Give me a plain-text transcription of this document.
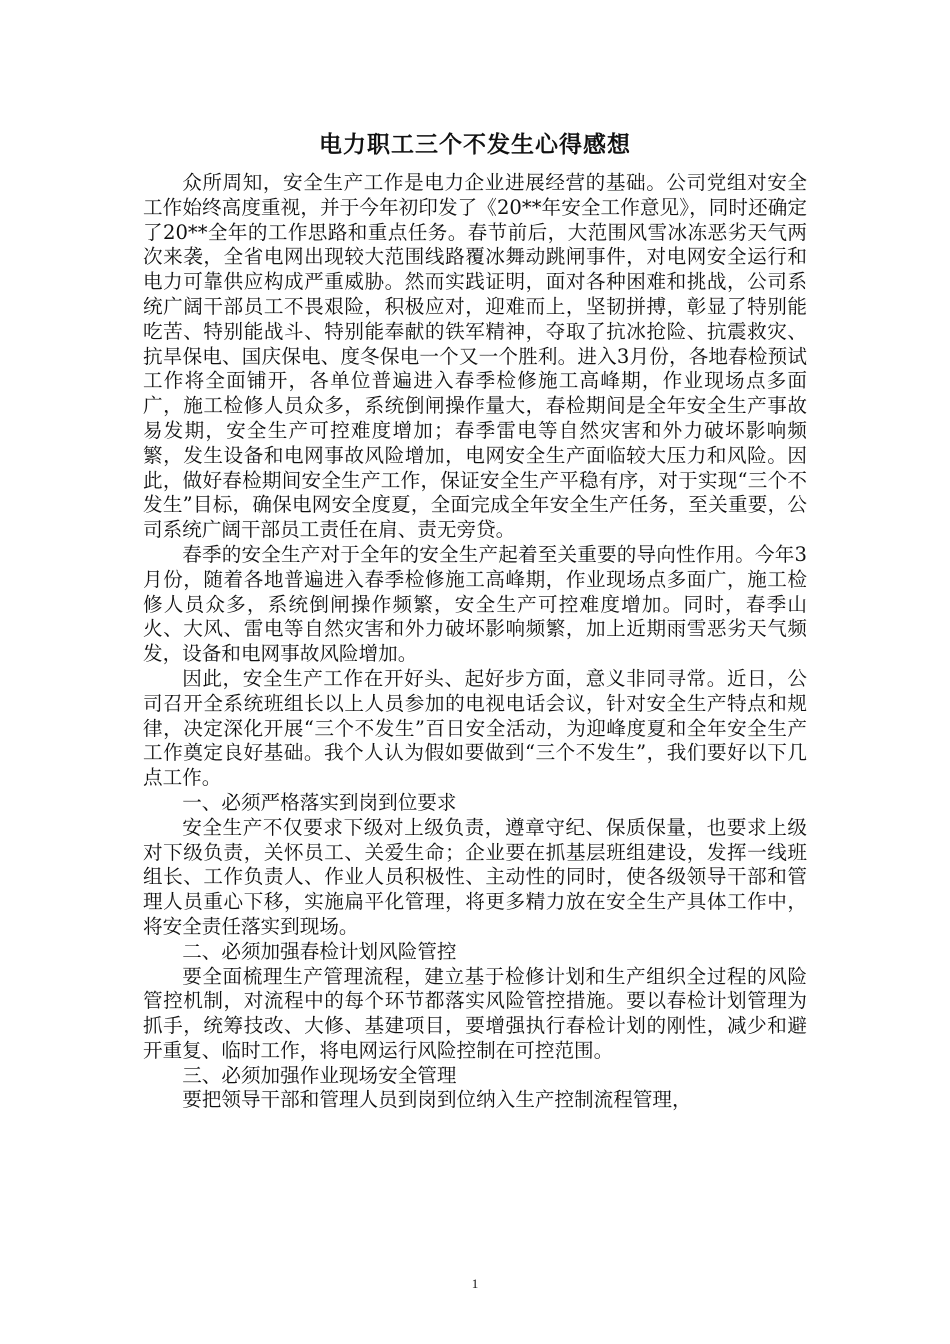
电力职工三个不发生心得感想

众所周知，安全生产工作是电力企业进展经营的基础。公司党组对安全工作始终高度重视，并于今年初印发了《20**年安全工作意见》，同时还确定了20**全年的工作思路和重点任务。春节前后，大范围风雪冰冻恶劣天气两次来袭，全省电网出现较大范围线路覆冰舞动跳闸事件，对电网安全运行和电力可靠供应构成严重威胁。然而实践证明，面对各种困难和挑战，公司系统广阔干部员工不畏艰险，积极应对，迎难而上，坚韧拼搏，彰显了特别能吃苦、特别能战斗、特别能奉献的铁军精神，夺取了抗冰抢险、抗震救灾、抗旱保电、国庆保电、度冬保电一个又一个胜利。进入3月份，各地春检预试工作将全面铺开，各单位普遍进入春季检修施工高峰期，作业现场点多面广，施工检修人员众多，系统倒闸操作量大，春检期间是全年安全生产事故易发期，安全生产可控难度增加；春季雷电等自然灾害和外力破坏影响频繁，发生设备和电网事故风险增加，电网安全生产面临较大压力和风险。因此，做好春检期间安全生产工作，保证安全生产平稳有序，对于实现“三个不发生”目标，确保电网安全度夏，全面完成全年安全生产任务，至关重要，公司系统广阔干部员工责任在肩、责无旁贷。

春季的安全生产对于全年的安全生产起着至关重要的导向性作用。今年3月份，随着各地普遍进入春季检修施工高峰期，作业现场点多面广，施工检修人员众多，系统倒闸操作频繁，安全生产可控难度增加。同时，春季山火、大风、雷电等自然灾害和外力破坏影响频繁，加上近期雨雪恶劣天气频发，设备和电网事故风险增加。

因此，安全生产工作在开好头、起好步方面，意义非同寻常。近日，公司召开全系统班组长以上人员参加的电视电话会议，针对安全生产特点和规律，决定深化开展“三个不发生”百日安全活动，为迎峰度夏和全年安全生产工作奠定良好基础。我个人认为假如要做到“三个不发生”，我们要好以下几点工作。

一、必须严格落实到岗到位要求

安全生产不仅要求下级对上级负责，遵章守纪、保质保量，也要求上级对下级负责，关怀员工、关爱生命；企业要在抓基层班组建设，发挥一线班组长、工作负责人、作业人员积极性、主动性的同时，使各级领导干部和管理人员重心下移，实施扁平化管理，将更多精力放在安全生产具体工作中，将安全责任落实到现场。

二、必须加强春检计划风险管控

要全面梳理生产管理流程，建立基于检修计划和生产组织全过程的风险管控机制，对流程中的每个环节都落实风险管控措施。要以春检计划管理为抓手，统筹技改、大修、基建项目，要增强执行春检计划的刚性，减少和避开重复、临时工作，将电网运行风险控制在可控范围。

三、必须加强作业现场安全管理

要把领导干部和管理人员到岗到位纳入生产控制流程管理，

1
